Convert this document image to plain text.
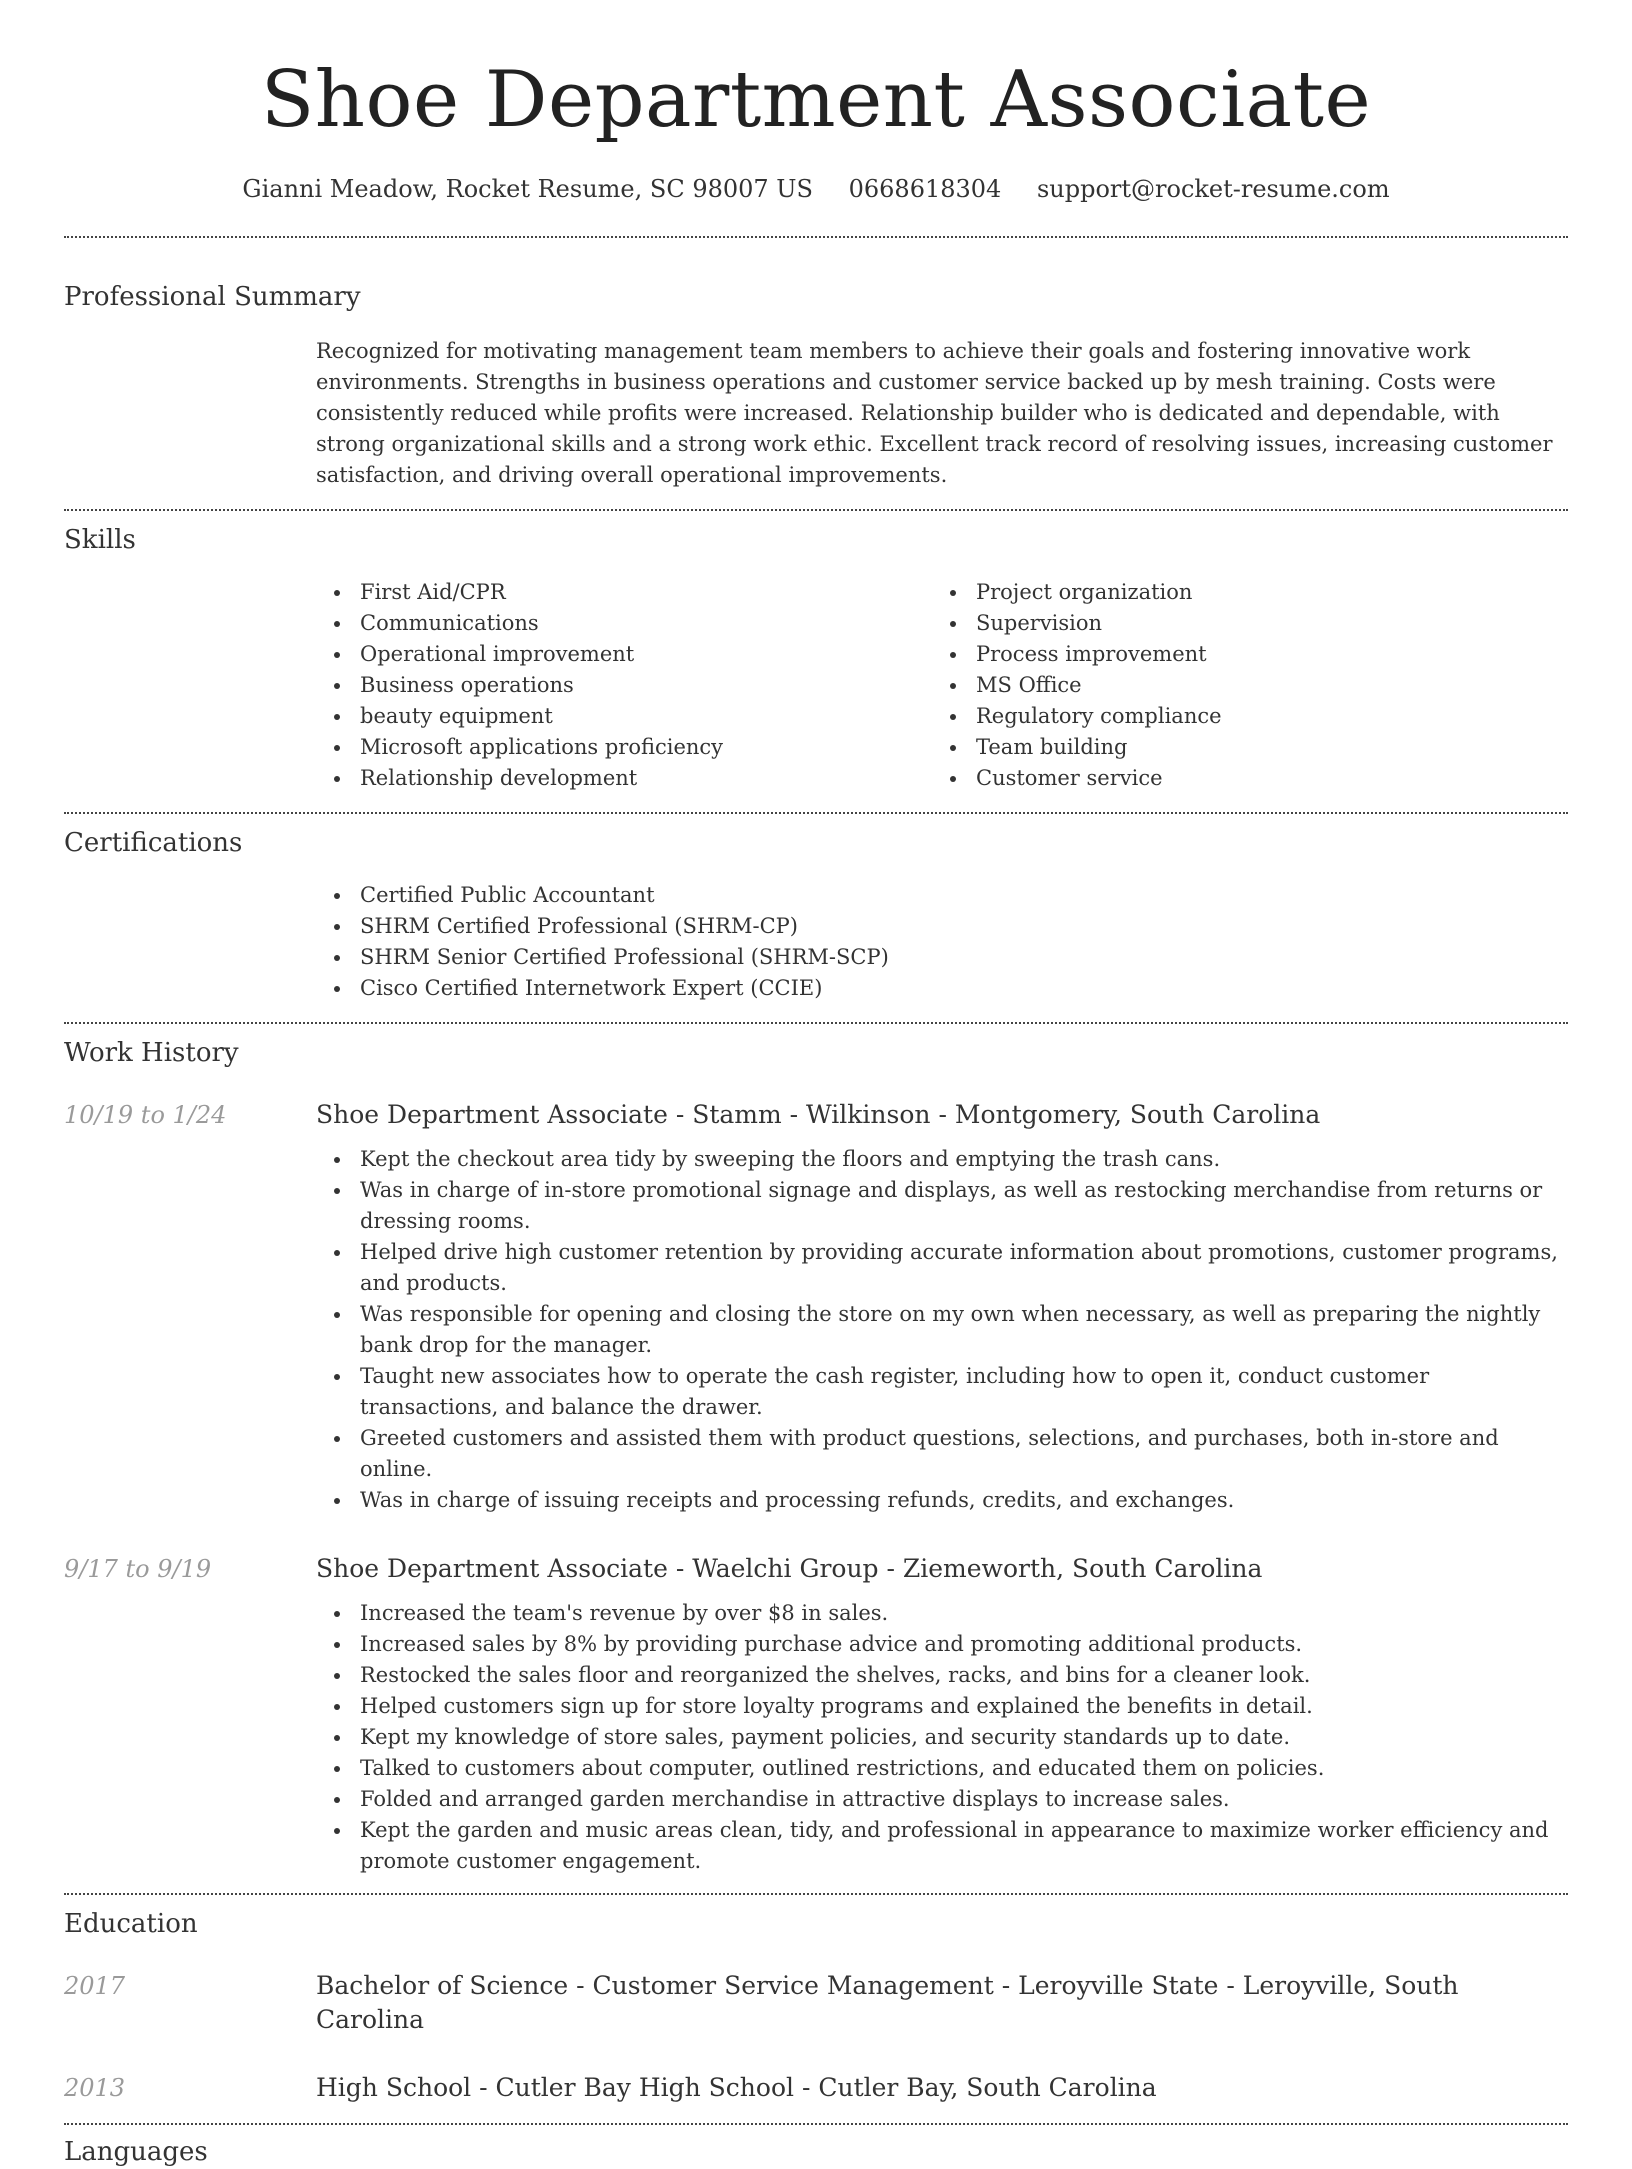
Shoe Department Associate
Gianni Meadow, Rocket Resume, SC 98007 US 0668618304 support@rocket-resume.com
Professional Summary

Recognized for motivating management team members to achieve their goals and fostering innovative work environments. Strengths in business operations and customer service backed up by mesh training. Costs were consistently reduced while profits were increased. Relationship builder who is dedicated and dependable, with strong organizational skills and a strong work ethic. Excellent track record of resolving issues, increasing customer satisfaction, and driving overall operational improvements.

Skills
First Aid/CPR
Communications
Operational improvement
Business operations
beauty equipment
Microsoft applications proficiency
Relationship development
Project organization
Supervision
Process improvement
MS Office
Regulatory compliance
Team building
Customer service
Certifications
Certified Public Accountant
SHRM Certified Professional (SHRM-CP)
SHRM Senior Certified Professional (SHRM-SCP)
Cisco Certified Internetwork Expert (CCIE)
Work History
10/19 to 1/24	Shoe Department Associate - Stamm - Wilkinson - Montgomery, South Carolina
Kept the checkout area tidy by sweeping the floors and emptying the trash cans.
Was in charge of in-store promotional signage and displays, as well as restocking merchandise from returns or dressing rooms.
Helped drive high customer retention by providing accurate information about promotions, customer programs, and products.
Was responsible for opening and closing the store on my own when necessary, as well as preparing the nightly bank drop for the manager.
Taught new associates how to operate the cash register, including how to open it, conduct customer transactions, and balance the drawer.
Greeted customers and assisted them with product questions, selections, and purchases, both in-store and online.
Was in charge of issuing receipts and processing refunds, credits, and exchanges.
9/17 to 9/19	Shoe Department Associate - Waelchi Group - Ziemeworth, South Carolina
Increased the team's revenue by over $8 in sales.
Increased sales by 8% by providing purchase advice and promoting additional products.
Restocked the sales floor and reorganized the shelves, racks, and bins for a cleaner look.
Helped customers sign up for store loyalty programs and explained the benefits in detail.
Kept my knowledge of store sales, payment policies, and security standards up to date.
Talked to customers about computer, outlined restrictions, and educated them on policies.
Folded and arranged garden merchandise in attractive displays to increase sales.
Kept the garden and music areas clean, tidy, and professional in appearance to maximize worker efficiency and promote customer engagement.
Education
2017	Bachelor of Science - Customer Service Management - Leroyville State - Leroyville, South Carolina
2013	High School - Cutler Bay High School - Cutler Bay, South Carolina
Languages
